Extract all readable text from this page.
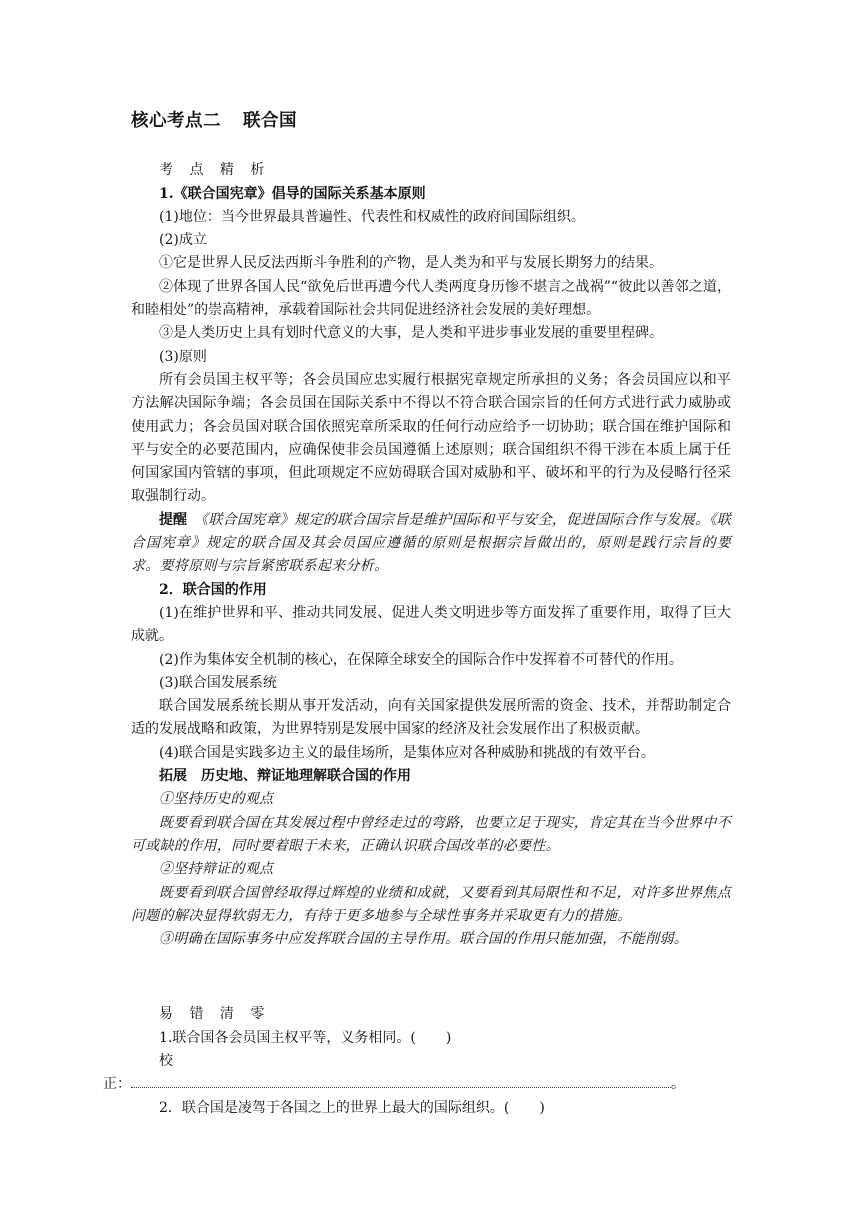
核心考点二 联合国

考 点 精 析

1.《联合国宪章》倡导的国际关系基本原则

(1)地位：当今世界最具普遍性、代表性和权威性的政府间国际组织。

(2)成立

①它是世界人民反法西斯斗争胜利的产物，是人类为和平与发展长期努力的结果。

②体现了世界各国人民“欲免后世再遭今代人类两度身历惨不堪言之战祸”“彼此以善邻之道，和睦相处”的崇高精神，承载着国际社会共同促进经济社会发展的美好理想。

③是人类历史上具有划时代意义的大事，是人类和平进步事业发展的重要里程碑。

(3)原则

所有会员国主权平等；各会员国应忠实履行根据宪章规定所承担的义务；各会员国应以和平方法解决国际争端；各会员国在国际关系中不得以不符合联合国宗旨的任何方式进行武力威胁或使用武力；各会员国对联合国依照宪章所采取的任何行动应给予一切协助；联合国在维护国际和平与安全的必要范围内，应确保使非会员国遵循上述原则；联合国组织不得干涉在本质上属于任何国家国内管辖的事项，但此项规定不应妨碍联合国对威胁和平、破坏和平的行为及侵略行径采取强制行动。

提醒　 《联合国宪章》规定的联合国宗旨是维护国际和平与安全，促进国际合作与发展。《联合国宪章》规定的联合国及其会员国应遵循的原则是根据宗旨做出的，原则是践行宗旨的要求。要将原则与宗旨紧密联系起来分析。

2．联合国的作用

(1)在维护世界和平、推动共同发展、促进人类文明进步等方面发挥了重要作用，取得了巨大成就。

(2)作为集体安全机制的核心，在保障全球安全的国际合作中发挥着不可替代的作用。

(3)联合国发展系统

联合国发展系统长期从事开发活动，向有关国家提供发展所需的资金、技术，并帮助制定合适的发展战略和政策，为世界特别是发展中国家的经济及社会发展作出了积极贡献。

(4)联合国是实践多边主义的最佳场所，是集体应对各种威胁和挑战的有效平台。

拓展　 历史地、辩证地理解联合国的作用

①坚持历史的观点

既要看到联合国在其发展过程中曾经走过的弯路，也要立足于现实，肯定其在当今世界中不可或缺的作用，同时要着眼于未来，正确认识联合国改革的必要性。

②坚持辩证的观点

既要看到联合国曾经取得过辉煌的业绩和成就，又要看到其局限性和不足，对许多世界焦点问题的解决显得软弱无力，有待于更多地参与全球性事务并采取更有力的措施。

③明确在国际事务中应发挥联合国的主导作用。联合国的作用只能加强，不能削弱。

易 错 清 零

1.联合国各会员国主权平等，义务相同。( )

校

正：	。

2．联合国是凌驾于各国之上的世界上最大的国际组织。( )
